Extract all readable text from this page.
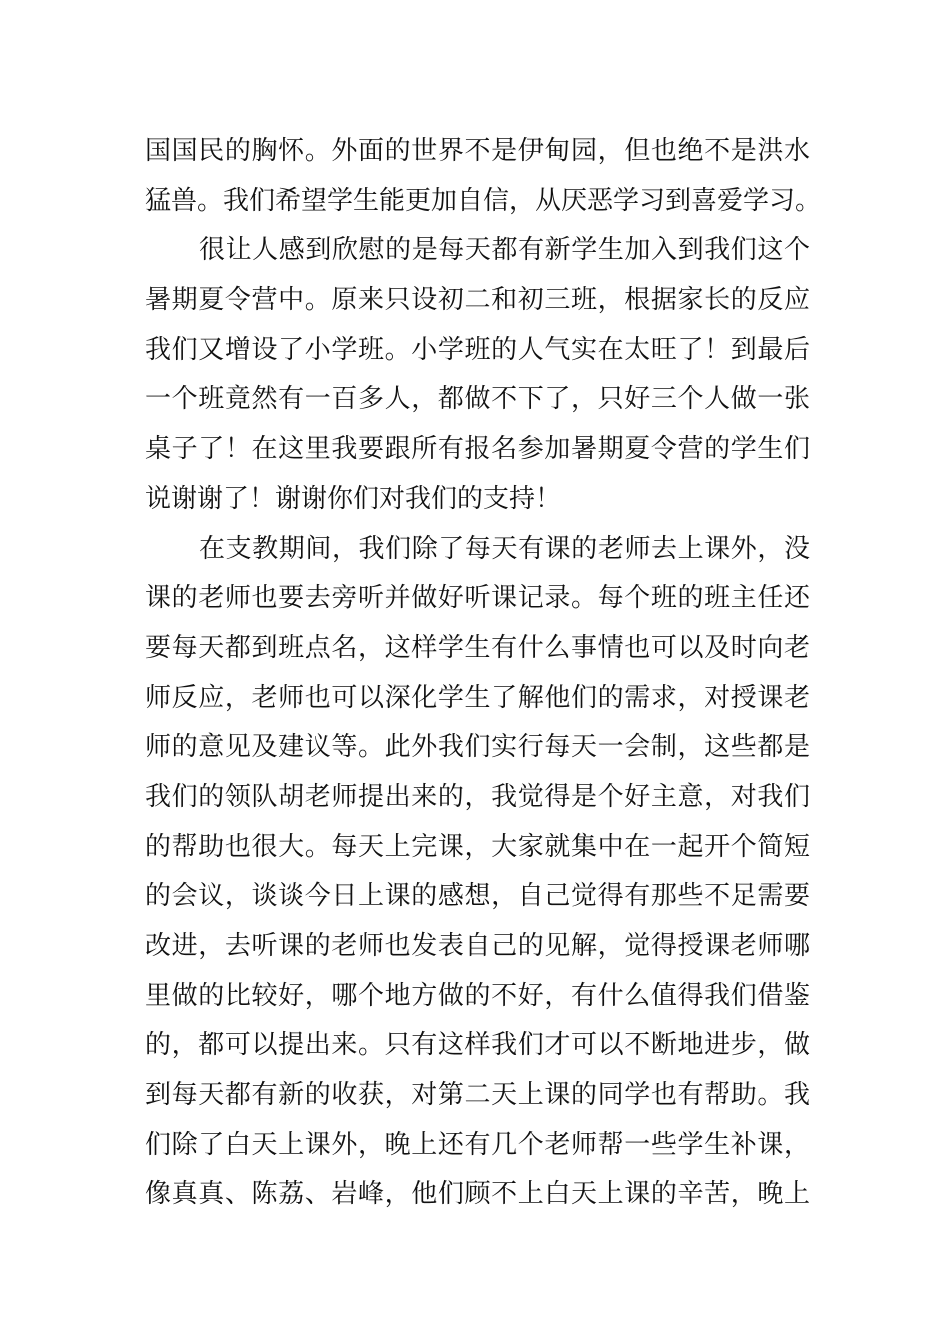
国国民的胸怀。外面的世界不是伊甸园，但也绝不是洪水
猛兽。我们希望学生能更加自信，从厌恶学习到喜爱学习。
很让人感到欣慰的是每天都有新学生加入到我们这个
暑期夏令营中。原来只设初二和初三班，根据家长的反应
我们又增设了小学班。小学班的人气实在太旺了！到最后
一个班竟然有一百多人，都做不下了，只好三个人做一张
桌子了！在这里我要跟所有报名参加暑期夏令营的学生们
说谢谢了！谢谢你们对我们的支持！
在支教期间，我们除了每天有课的老师去上课外，没
课的老师也要去旁听并做好听课记录。每个班的班主任还
要每天都到班点名，这样学生有什么事情也可以及时向老
师反应，老师也可以深化学生了解他们的需求，对授课老
师的意见及建议等。此外我们实行每天一会制，这些都是
我们的领队胡老师提出来的，我觉得是个好主意，对我们
的帮助也很大。每天上完课，大家就集中在一起开个简短
的会议，谈谈今日上课的感想，自己觉得有那些不足需要
改进，去听课的老师也发表自己的见解，觉得授课老师哪
里做的比较好，哪个地方做的不好，有什么值得我们借鉴
的，都可以提出来。只有这样我们才可以不断地进步，做
到每天都有新的收获，对第二天上课的同学也有帮助。我
们除了白天上课外，晚上还有几个老师帮一些学生补课，
像真真、陈荔、岩峰，他们顾不上白天上课的辛苦，晚上
